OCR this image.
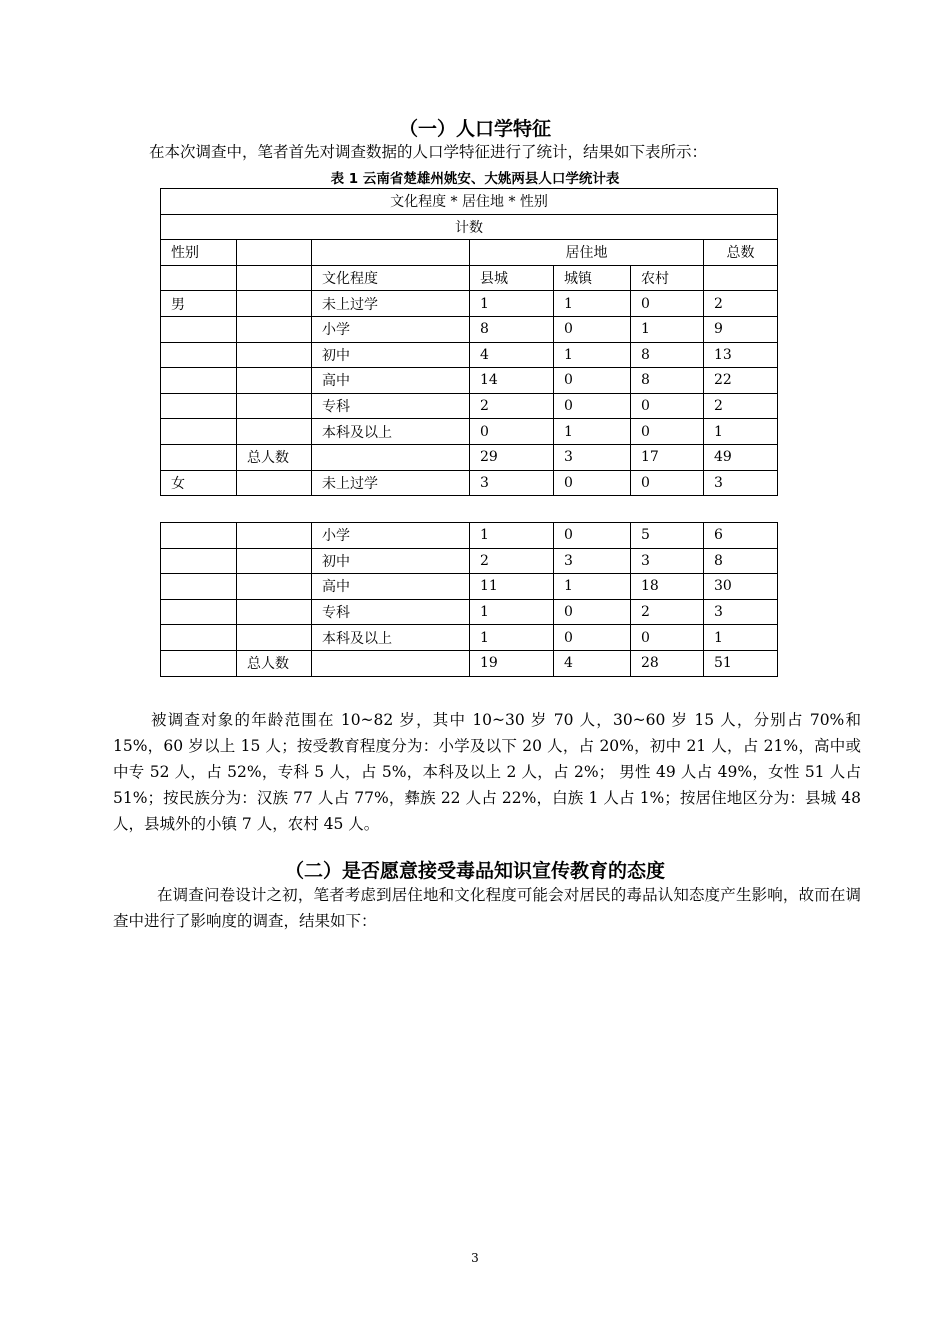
（一）人口学特征
在本次调查中，笔者首先对调查数据的人口学特征进行了统计，结果如下表所示：
表 1 云南省楚雄州姚安、大姚两县人口学统计表
文化程度 * 居住地 * 性别						
计数						
性别			居住地			总数
		文化程度	县城	城镇	农村	
男		未上过学	1	1	0	2
		小学	8	0	1	9
		初中	4	1	8	13
		高中	14	0	8	22
		专科	2	0	0	2
		本科及以上	0	1	0	1
	总人数		29	3	17	49
女		未上过学	3	0	0	3
		小学	1	0	5	6
		初中	2	3	3	8
		高中	11	1	18	30
		专科	1	0	2	3
		本科及以上	1	0	0	1
	总人数		19	4	28	51
被调查对象的年龄范围在 10~82 岁，其中 10~30 岁 70 人，30~60 岁 15 人，分别占 70%和 15%，60 岁以上 15 人；按受教育程度分为：小学及以下 20 人，占 20%，初中 21 人，占 21%，高中或中专 52 人，占 52%，专科 5 人，占 5%，本科及以上 2 人，占 2%； 男性 49 人占 49%，女性 51 人占 51%；按民族分为：汉族 77 人占 77%，彝族 22 人占 22%，白族 1 人占 1%；按居住地区分为：县城 48 人，县城外的小镇 7 人，农村 45 人。
（二）是否愿意接受毒品知识宣传教育的态度
在调查问卷设计之初，笔者考虑到居住地和文化程度可能会对居民的毒品认知态度产生影响，故而在调查中进行了影响度的调查，结果如下：
3
